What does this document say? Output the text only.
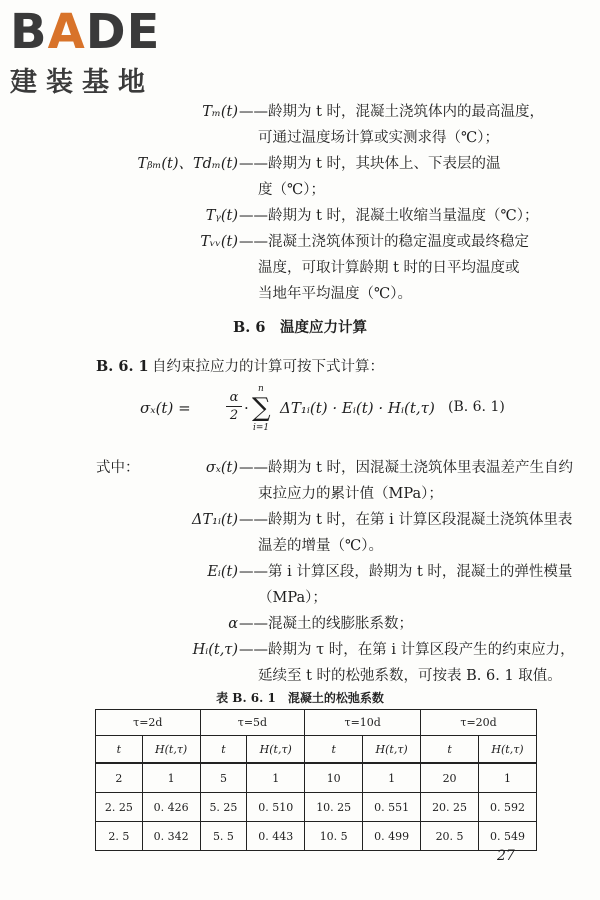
BADE
建装基地
Tₘ(t) ——龄期为 t 时，混凝土浇筑体内的最高温度，
可通过温度场计算或实测求得（℃）；
Tᵦₘ(t)、Tdₘ(t) ——龄期为 t 时，其块体上、下表层的温
度（℃）；
Tᵧ(t) ——龄期为 t 时，混凝土收缩当量温度（℃）；
Tᵥᵥ(t) ——混凝土浇筑体预计的稳定温度或最终稳定
温度，可取计算龄期 t 时的日平均温度或
当地年平均温度（℃）。
B. 6　温度应力计算
B. 6. 1 自约束拉应力的计算可按下式计算：
σₓ(t) =
α
2 ·
n
∑
i=1
ΔT₁ᵢ(t) · Eᵢ(t) · Hᵢ(t,τ) (B. 6. 1)
式中：	σₓ(t) ——龄期为 t 时，因混凝土浇筑体里表温差产生自约
束拉应力的累计值（MPa）；
ΔT₁ᵢ(t) ——龄期为 t 时，在第 i 计算区段混凝土浇筑体里表
温差的增量（℃）。
Eᵢ(t) ——第 i 计算区段，龄期为 t 时，混凝土的弹性模量
（MPa）；
α ——混凝土的线膨胀系数；
Hᵢ(t,τ) ——龄期为 τ 时，在第 i 计算区段产生的约束应力，
延续至 t 时的松弛系数，可按表 B. 6. 1 取值。
表 B. 6. 1　混凝土的松弛系数
τ=2d		τ=5d		τ=10d		τ=20d	
t	H(t,τ)	t	H(t,τ)	t	H(t,τ)	t	H(t,τ)
2	1	5	1	10	1	20	1
2. 25	0. 426	5. 25	0. 510	10. 25	0. 551	20. 25	0. 592
2. 5	0. 342	5. 5	0. 443	10. 5	0. 499	20. 5	0. 549
27
